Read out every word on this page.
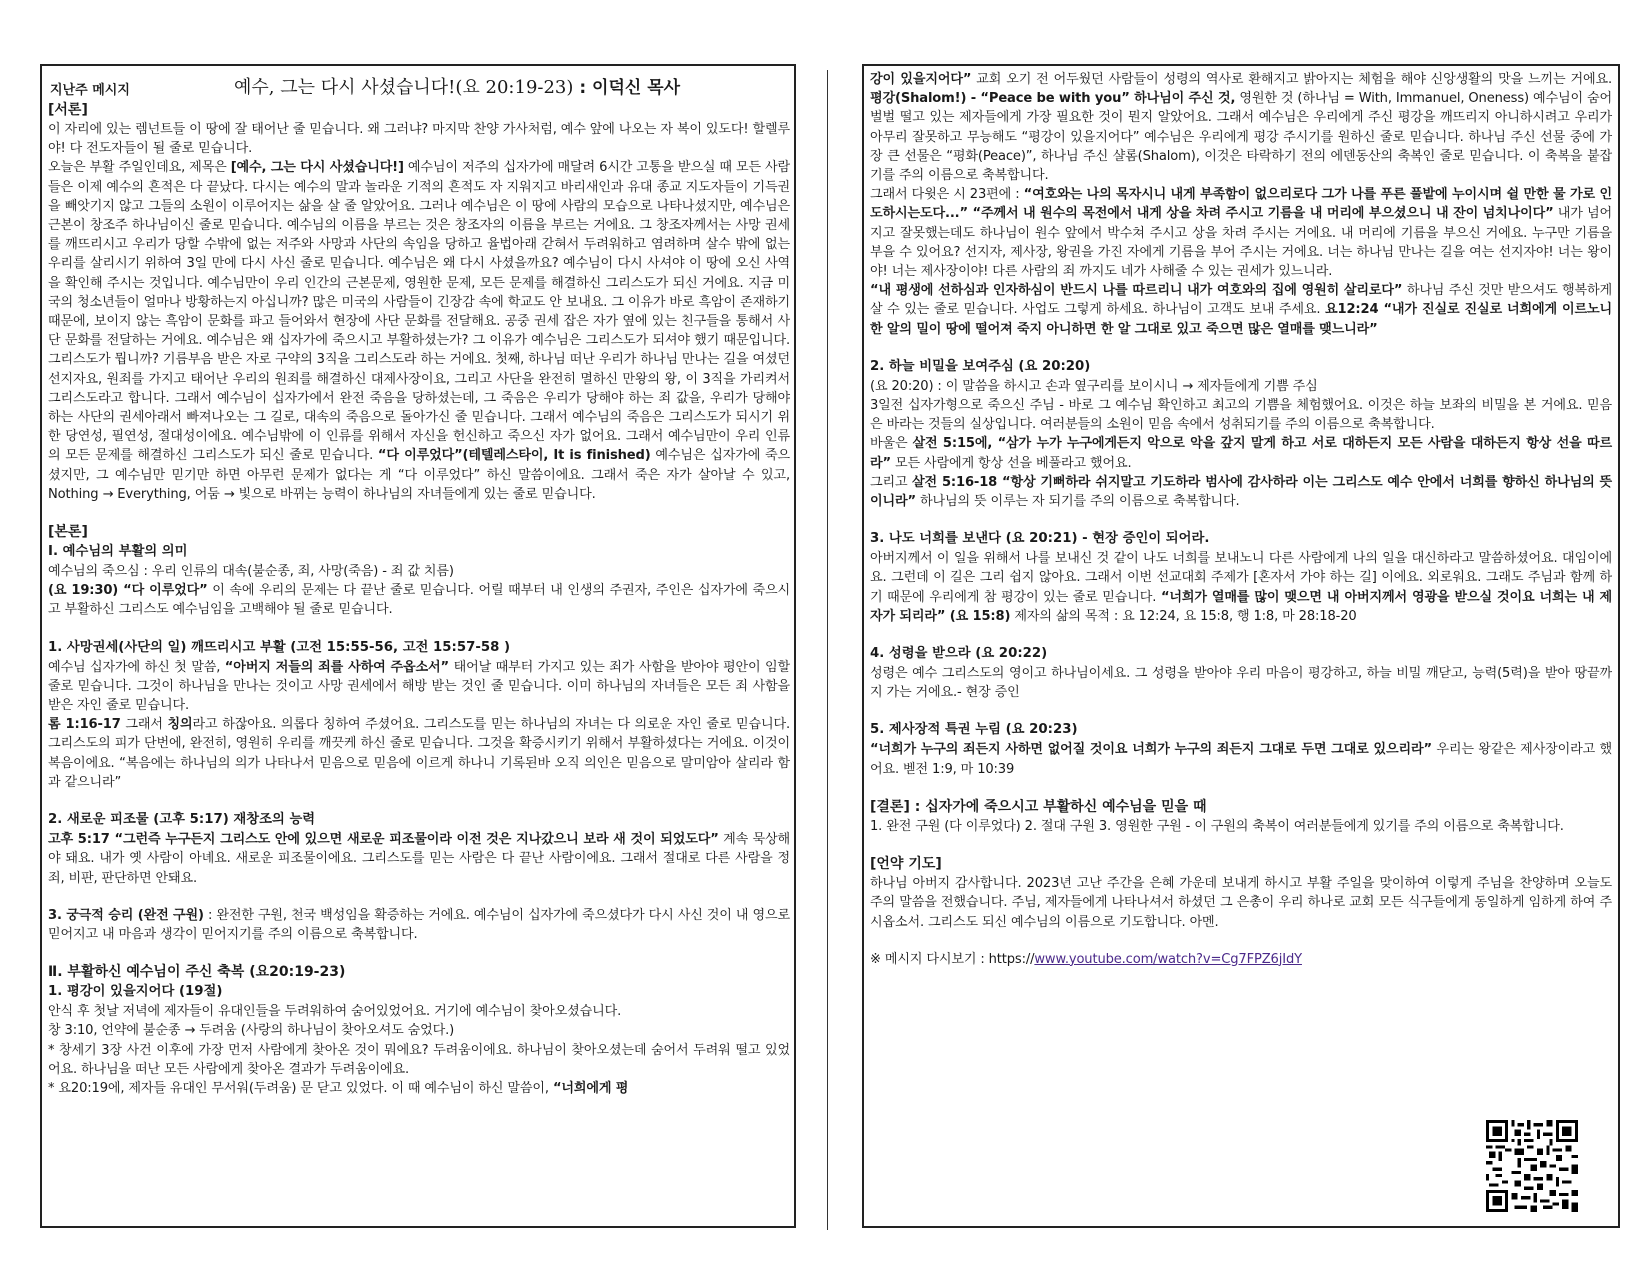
지난주 메시지	예수, 그는 다시 사셨습니다!(요 20:19-23) : 이덕신 목사
[서론]

이 자리에 있는 렘넌트들 이 땅에 잘 태어난 줄 믿습니다. 왜 그러냐? 마지막 찬양 가사처럼, 예수 앞에 나오는 자 복이 있도다! 할렐루야! 다 전도자들이 될 줄로 믿습니다.

오늘은 부활 주일인데요, 제목은 [예수, 그는 다시 사셨습니다!] 예수님이 저주의 십자가에 매달려 6시간 고통을 받으실 때 모든 사람들은 이제 예수의 흔적은 다 끝났다. 다시는 예수의 말과 놀라운 기적의 흔적도 자 지워지고 바리새인과 유대 종교 지도자들이 기득권을 빼앗기지 않고 그들의 소원이 이루어지는 삶을 살 줄 알았어요. 그러나 예수님은 이 땅에 사람의 모습으로 나타나셨지만, 예수님은 근본이 창조주 하나님이신 줄로 믿습니다. 예수님의 이름을 부르는 것은 창조자의 이름을 부르는 거에요. 그 창조자께서는 사망 권세를 깨뜨리시고 우리가 당할 수밖에 없는 저주와 사망과 사단의 속임을 당하고 율법아래 갇혀서 두려워하고 염려하며 살수 밖에 없는 우리를 살리시기 위하여 3일 만에 다시 사신 줄로 믿습니다. 예수님은 왜 다시 사셨을까요? 예수님이 다시 사셔야 이 땅에 오신 사역을 확인해 주시는 것입니다. 예수님만이 우리 인간의 근본문제, 영원한 문제, 모든 문제를 해결하신 그리스도가 되신 거에요. 지금 미국의 청소년들이 얼마나 방황하는지 아십니까? 많은 미국의 사람들이 긴장감 속에 학교도 안 보내요. 그 이유가 바로 흑암이 존재하기 때문에, 보이지 않는 흑암이 문화를 파고 들어와서 현장에 사단 문화를 전달해요. 공중 권세 잡은 자가 옆에 있는 친구들을 통해서 사단 문화를 전달하는 거에요. 예수님은 왜 십자가에 죽으시고 부활하셨는가? 그 이유가 예수님은 그리스도가 되셔야 했기 때문입니다. 그리스도가 뭡니까? 기름부음 받은 자로 구약의 3직을 그리스도라 하는 거에요. 첫째, 하나님 떠난 우리가 하나님 만나는 길을 여셨던 선지자요, 원죄를 가지고 태어난 우리의 원죄를 해결하신 대제사장이요, 그리고 사단을 완전히 멸하신 만왕의 왕, 이 3직을 가리켜서 그리스도라고 합니다. 그래서 예수님이 십자가에서 완전 죽음을 당하셨는데, 그 죽음은 우리가 당해야 하는 죄 값을, 우리가 당해야 하는 사단의 권세아래서 빠져나오는 그 길로, 대속의 죽음으로 돌아가신 줄 믿습니다. 그래서 예수님의 죽음은 그리스도가 되시기 위한 당연성, 필연성, 절대성이에요. 예수님밖에 이 인류를 위해서 자신을 헌신하고 죽으신 자가 없어요. 그래서 예수님만이 우리 인류의 모든 문제를 해결하신 그리스도가 되신 줄로 믿습니다. “다 이루었다”(테텔레스타이, It is finished) 예수님은 십자가에 죽으셨지만, 그 예수님만 믿기만 하면 아무런 문제가 없다는 게 “다 이루었다” 하신 말씀이에요. 그래서 죽은 자가 살아날 수 있고, Nothing → Everything, 어둠 → 빛으로 바뀌는 능력이 하나님의 자녀들에게 있는 줄로 믿습니다.

[본론]
Ⅰ. 예수님의 부활의 의미

예수님의 죽으심 : 우리 인류의 대속(불순종, 죄, 사망(죽음) - 죄 값 치름)

(요 19:30) “다 이루었다” 이 속에 우리의 문제는 다 끝난 줄로 믿습니다. 어릴 때부터 내 인생의 주권자, 주인은 십자가에 죽으시고 부활하신 그리스도 예수님임을 고백해야 될 줄로 믿습니다.

1. 사망권세(사단의 일) 깨뜨리시고 부활 (고전 15:55-56, 고전 15:57-58 )

예수님 십자가에 하신 첫 말씀, “아버지 저들의 죄를 사하여 주옵소서” 태어날 때부터 가지고 있는 죄가 사함을 받아야 평안이 임할 줄로 믿습니다. 그것이 하나님을 만나는 것이고 사망 권세에서 해방 받는 것인 줄 믿습니다. 이미 하나님의 자녀들은 모든 죄 사함을 받은 자인 줄로 믿습니다.

롬 1:16-17 그래서 칭의라고 하잖아요. 의롭다 칭하여 주셨어요. 그리스도를 믿는 하나님의 자녀는 다 의로운 자인 줄로 믿습니다. 그리스도의 피가 단번에, 완전히, 영원히 우리를 깨끗케 하신 줄로 믿습니다. 그것을 확증시키기 위해서 부활하셨다는 거에요. 이것이 복음이에요. “복음에는 하나님의 의가 나타나서 믿음으로 믿음에 이르게 하나니 기록된바 오직 의인은 믿음으로 말미암아 살리라 함과 같으니라”

2. 새로운 피조물 (고후 5:17) 재창조의 능력

고후 5:17 “그런즉 누구든지 그리스도 안에 있으면 새로운 피조물이라 이전 것은 지나갔으니 보라 새 것이 되었도다” 계속 묵상해야 돼요. 내가 옛 사람이 아녜요. 새로운 피조물이에요. 그리스도를 믿는 사람은 다 끝난 사람이에요. 그래서 절대로 다른 사람을 정죄, 비판, 판단하면 안돼요.

3. 궁극적 승리 (완전 구원) : 완전한 구원, 천국 백성임을 확증하는 거에요. 예수님이 십자가에 죽으셨다가 다시 사신 것이 내 영으로 믿어지고 내 마음과 생각이 믿어지기를 주의 이름으로 축복합니다.

Ⅱ. 부활하신 예수님이 주신 축복 (요20:19-23)
1. 평강이 있을지어다 (19절)

안식 후 첫날 저녁에 제자들이 유대인들을 두려워하여 숨어있었어요. 거기에 예수님이 찾아오셨습니다.

창 3:10, 언약에 불순종 → 두려움 (사랑의 하나님이 찾아오셔도 숨었다.)

* 창세기 3장 사건 이후에 가장 먼저 사람에게 찾아온 것이 뭐에요? 두려움이에요. 하나님이 찾아오셨는데 숨어서 두려워 떨고 있었어요. 하나님을 떠난 모든 사람에게 찾아온 결과가 두려움이에요.

* 요20:19에, 제자들 유대인 무서워(두려움) 문 닫고 있었다. 이 때 예수님이 하신 말씀이, “너희에게 평

강이 있을지어다” 교회 오기 전 어두웠던 사람들이 성령의 역사로 환해지고 밝아지는 체험을 해야 신앙생활의 맛을 느끼는 거에요. 평강(Shalom!) - “Peace be with you” 하나님이 주신 것, 영원한 것 (하나님 = With, Immanuel, Oneness) 예수님이 숨어 벌벌 떨고 있는 제자들에게 가장 필요한 것이 뭔지 알았어요. 그래서 예수님은 우리에게 주신 평강을 깨뜨리지 아니하시려고 우리가 아무리 잘못하고 무능해도 “평강이 있을지어다” 예수님은 우리에게 평강 주시기를 원하신 줄로 믿습니다. 하나님 주신 선물 중에 가장 큰 선물은 “평화(Peace)”, 하나님 주신 샬롬(Shalom), 이것은 타락하기 전의 에덴동산의 축복인 줄로 믿습니다. 이 축복을 붙잡기를 주의 이름으로 축복합니다.

그래서 다윗은 시 23편에 : “여호와는 나의 목자시니 내게 부족함이 없으리로다 그가 나를 푸른 풀밭에 누이시며 쉴 만한 물 가로 인도하시는도다...” “주께서 내 원수의 목전에서 내게 상을 차려 주시고 기름을 내 머리에 부으셨으니 내 잔이 넘치나이다” 내가 넘어지고 잘못했는데도 하나님이 원수 앞에서 박수쳐 주시고 상을 차려 주시는 거에요. 내 머리에 기름을 부으신 거에요. 누구만 기름을 부을 수 있어요? 선지자, 제사장, 왕권을 가진 자에게 기름을 부어 주시는 거에요. 너는 하나님 만나는 길을 여는 선지자야! 너는 왕이야! 너는 제사장이야! 다른 사람의 죄 까지도 네가 사해줄 수 있는 권세가 있느니라.

“내 평생에 선하심과 인자하심이 반드시 나를 따르리니 내가 여호와의 집에 영원히 살리로다” 하나님 주신 것만 받으셔도 행복하게 살 수 있는 줄로 믿습니다. 사업도 그렇게 하세요. 하나님이 고객도 보내 주세요. 요12:24 “내가 진실로 진실로 너희에게 이르노니 한 알의 밀이 땅에 떨어져 죽지 아니하면 한 알 그대로 있고 죽으면 많은 열매를 맺느니라”

2. 하늘 비밀을 보여주심 (요 20:20)

(요 20:20) : 이 말씀을 하시고 손과 옆구리를 보이시니 → 제자들에게 기쁨 주심

3일전 십자가형으로 죽으신 주님 - 바로 그 예수님 확인하고 최고의 기쁨을 체험했어요. 이것은 하늘 보좌의 비밀을 본 거에요. 믿음은 바라는 것들의 실상입니다. 여러분들의 소원이 믿음 속에서 성취되기를 주의 이름으로 축복합니다.

바울은 살전 5:15에, “삼가 누가 누구에게든지 악으로 악을 갚지 말게 하고 서로 대하든지 모든 사람을 대하든지 항상 선을 따르라” 모든 사람에게 항상 선을 베풀라고 했어요.

그리고 살전 5:16-18 “항상 기뻐하라 쉬지말고 기도하라 범사에 감사하라 이는 그리스도 예수 안에서 너희를 향하신 하나님의 뜻이니라” 하나님의 뜻 이루는 자 되기를 주의 이름으로 축복합니다.

3. 나도 너희를 보낸다 (요 20:21) - 현장 증인이 되어라.

아버지께서 이 일을 위해서 나를 보내신 것 같이 나도 너희를 보내노니 다른 사람에게 나의 일을 대신하라고 말씀하셨어요. 대임이에요. 그런데 이 길은 그리 쉽지 않아요. 그래서 이번 선교대회 주제가 [혼자서 가야 하는 길] 이에요. 외로워요. 그래도 주님과 함께 하기 때문에 우리에게 참 평강이 있는 줄로 믿습니다. “너희가 열매를 많이 맺으면 내 아버지께서 영광을 받으실 것이요 너희는 내 제자가 되리라” (요 15:8) 제자의 삶의 목적 : 요 12:24, 요 15:8, 행 1:8, 마 28:18-20

4. 성령을 받으라 (요 20:22)

성령은 예수 그리스도의 영이고 하나님이세요. 그 성령을 받아야 우리 마음이 평강하고, 하늘 비밀 깨닫고, 능력(5력)을 받아 땅끝까지 가는 거에요.- 현장 증인

5. 제사장적 특권 누림 (요 20:23)

“너희가 누구의 죄든지 사하면 없어질 것이요 너희가 누구의 죄든지 그대로 두면 그대로 있으리라” 우리는 왕같은 제사장이라고 했어요. 벧전 1:9, 마 10:39

[결론] : 십자가에 죽으시고 부활하신 예수님을 믿을 때

1. 완전 구원 (다 이루었다) 2. 절대 구원 3. 영원한 구원 - 이 구원의 축복이 여러분들에게 있기를 주의 이름으로 축복합니다.

[언약 기도]

하나님 아버지 감사합니다. 2023년 고난 주간을 은혜 가운데 보내게 하시고 부활 주일을 맞이하여 이렇게 주님을 찬양하며 오늘도 주의 말씀을 전했습니다. 주님, 제자들에게 나타나셔서 하셨던 그 은총이 우리 하나로 교회 모든 식구들에게 동일하게 임하게 하여 주시옵소서. 그리스도 되신 예수님의 이름으로 기도합니다. 아멘.

※ 메시지 다시보기 : https://www.youtube.com/watch?v=Cg7FPZ6jIdY
